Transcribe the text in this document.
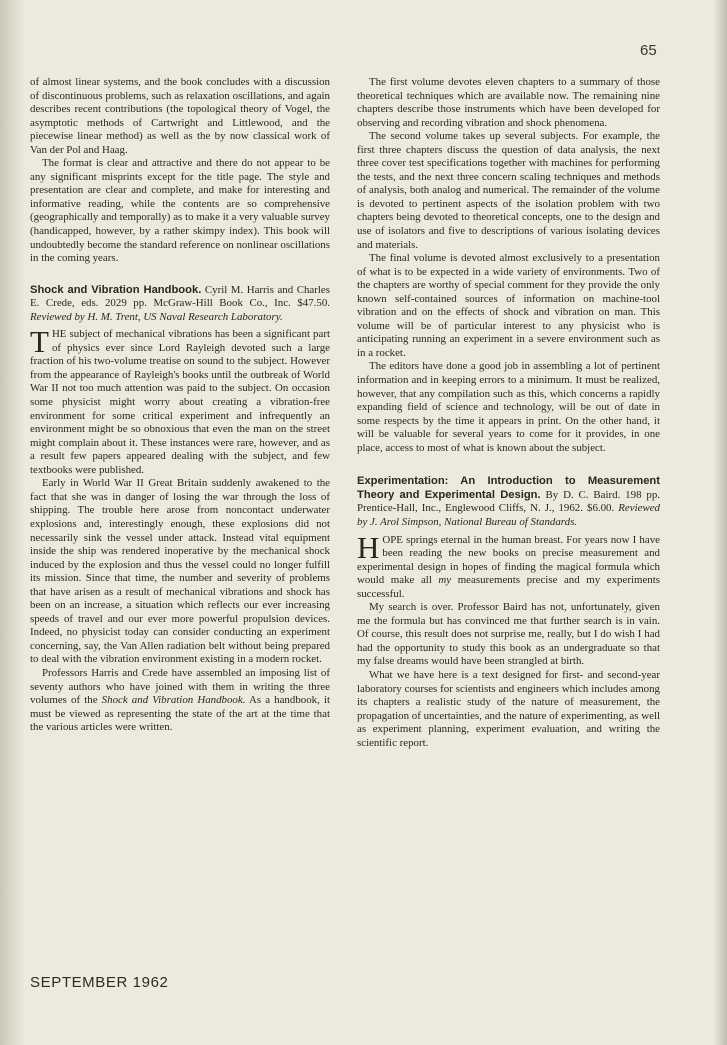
65

of almost linear systems, and the book concludes with a discussion of discontinuous problems, such as relaxation oscillations, and again describes recent contributions (the topological theory of Vogel, the asymptotic methods of Cartwright and Littlewood, and the piecewise linear method) as well as the by now classical work of Van der Pol and Haag.

The format is clear and attractive and there do not appear to be any significant misprints except for the title page. The style and presentation are clear and complete, and make for interesting and informative reading, while the contents are so comprehensive (geographically and temporally) as to make it a very valuable survey (handicapped, however, by a rather skimpy index). This book will undoubtedly become the standard reference on nonlinear oscillations in the coming years.

Shock and Vibration Handbook. Cyril M. Harris and Charles E. Crede, eds. 2029 pp. McGraw-Hill Book Co., Inc. $47.50. Reviewed by H. M. Trent, US Naval Research Laboratory.

THE subject of mechanical vibrations has been a significant part of physics ever since Lord Rayleigh devoted such a large fraction of his two-volume treatise on sound to the subject. However from the appearance of Rayleigh's books until the outbreak of World War II not too much attention was paid to the subject. On occasion some physicist might worry about creating a vibration-free environment for some critical experiment and infrequently an environment might be so obnoxious that even the man on the street might complain about it. These instances were rare, however, and as a result few papers appeared dealing with the subject, and few textbooks were published.

Early in World War II Great Britain suddenly awakened to the fact that she was in danger of losing the war through the loss of shipping. The trouble here arose from noncontact underwater explosions and, interestingly enough, these explosions did not necessarily sink the vessel under attack. Instead vital equipment inside the ship was rendered inoperative by the mechanical shock induced by the explosion and thus the vessel could no longer fulfill its mission. Since that time, the number and severity of problems that have arisen as a result of mechanical vibrations and shock has been on an increase, a situation which reflects our ever increasing speeds of travel and our ever more powerful propulsion devices. Indeed, no physicist today can consider conducting an experiment concerning, say, the Van Allen radiation belt without being prepared to deal with the vibration environment existing in a modern rocket.

Professors Harris and Crede have assembled an imposing list of seventy authors who have joined with them in writing the three volumes of the Shock and Vibration Handbook. As a handbook, it must be viewed as representing the state of the art at the time that the various articles were written.

The first volume devotes eleven chapters to a summary of those theoretical techniques which are available now. The remaining nine chapters describe those instruments which have been developed for observing and recording vibration and shock phenomena.

The second volume takes up several subjects. For example, the first three chapters discuss the question of data analysis, the next three cover test specifications together with machines for performing the tests, and the next three concern scaling techniques and methods of analysis, both analog and numerical. The remainder of the volume is devoted to pertinent aspects of the isolation problem with two chapters being devoted to theoretical concepts, one to the design and use of isolators and five to descriptions of various isolating devices and materials.

The final volume is devoted almost exclusively to a presentation of what is to be expected in a wide variety of environments. Two of the chapters are worthy of special comment for they provide the only known self-contained sources of information on machine-tool vibration and on the effects of shock and vibration on man. This volume will be of particular interest to any physicist who is anticipating running an experiment in a severe environment such as in a rocket.

The editors have done a good job in assembling a lot of pertinent information and in keeping errors to a minimum. It must be realized, however, that any compilation such as this, which concerns a rapidly expanding field of science and technology, will be out of date in some respects by the time it appears in print. On the other hand, it will be valuable for several years to come for it provides, in one place, access to most of what is known about the subject.

Experimentation: An Introduction to Measurement Theory and Experimental Design. By D. C. Baird. 198 pp. Prentice-Hall, Inc., Englewood Cliffs, N. J., 1962. $6.00. Reviewed by J. Arol Simpson, National Bureau of Standards.

HOPE springs eternal in the human breast. For years now I have been reading the new books on precise measurement and experimental design in hopes of finding the magical formula which would make all my measurements precise and my experiments successful.

My search is over. Professor Baird has not, unfortunately, given me the formula but has convinced me that further search is in vain. Of course, this result does not surprise me, really, but I do wish I had had the opportunity to study this book as an undergraduate so that my false dreams would have been strangled at birth.

What we have here is a text designed for first- and second-year laboratory courses for scientists and engineers which includes among its chapters a realistic study of the nature of measurement, the propagation of uncertainties, and the nature of experimenting, as well as experiment planning, experiment evaluation, and writing the scientific report.

SEPTEMBER 1962
